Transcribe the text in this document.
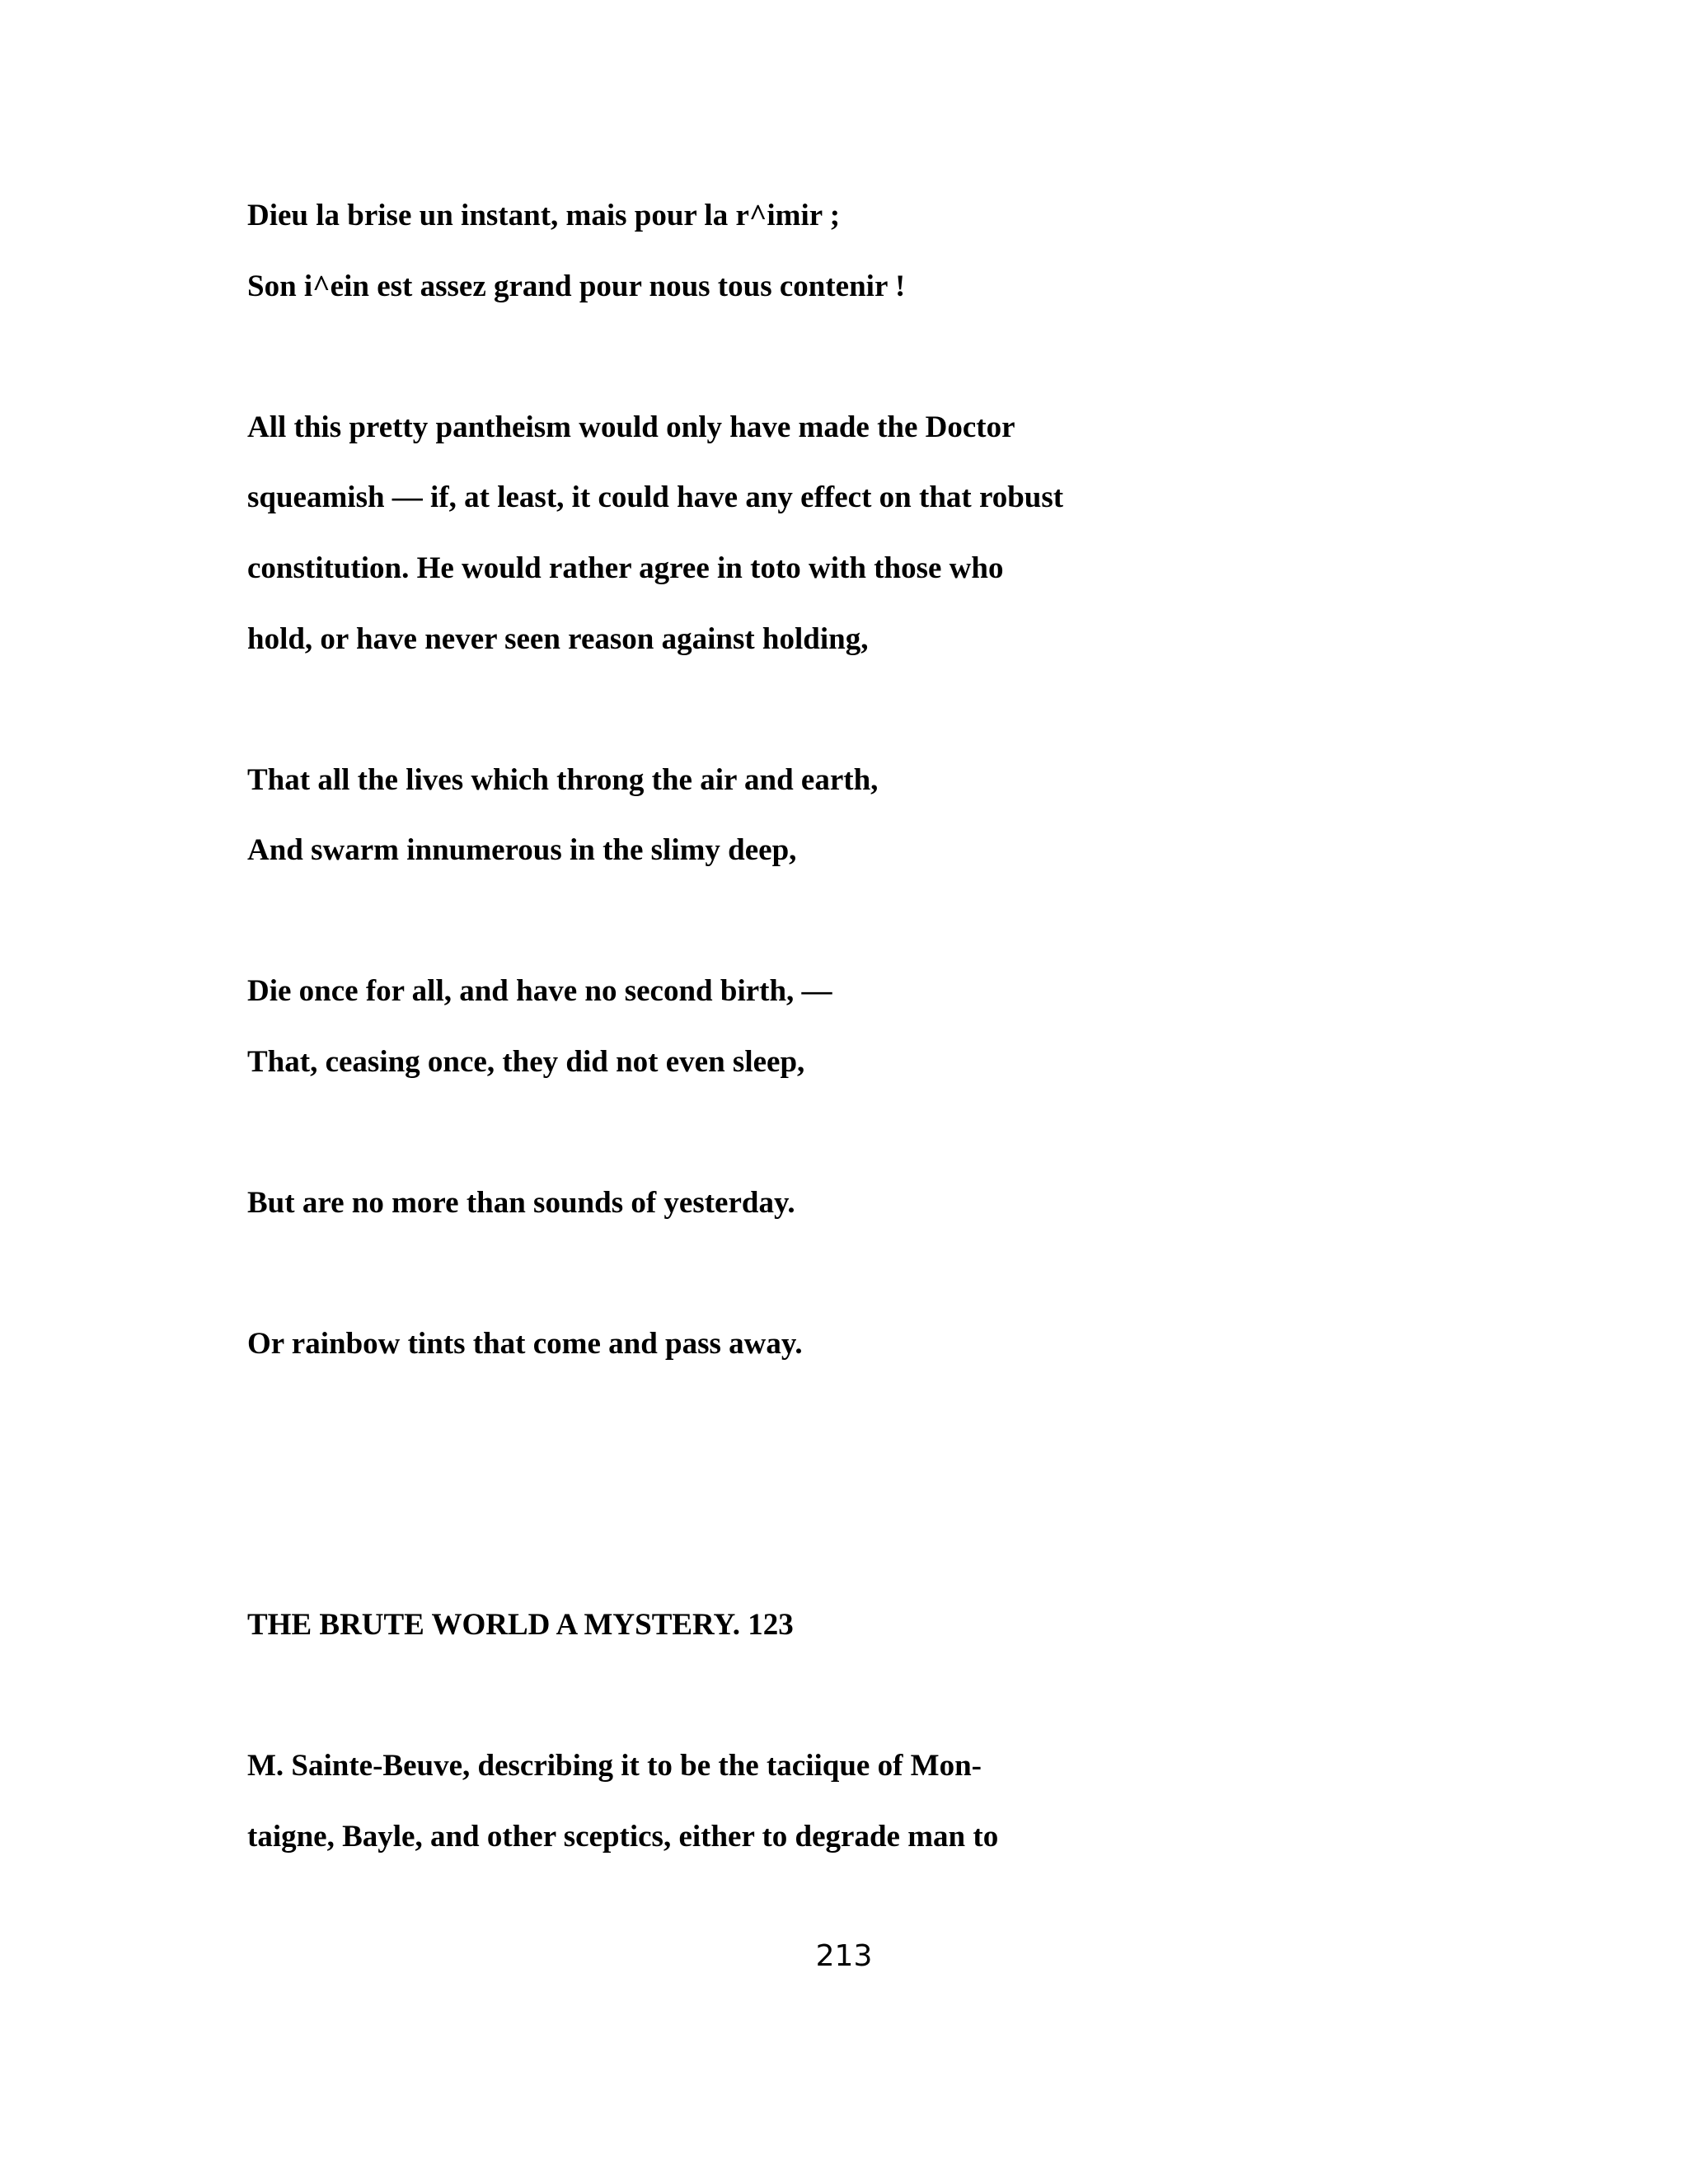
Dieu la brise un instant, mais pour la r^imir ;
Son i^ein est assez grand pour nous tous contenir !
All this pretty pantheism would only have made the Doctor
squeamish — if, at least, it could have any effect on that robust
constitution. He would rather agree in toto with those who
hold, or have never seen reason against holding,
That all the lives which throng the air and earth,
And swarm innumerous in the slimy deep,
Die once for all, and have no second birth, —
That, ceasing once, they did not even sleep,
But are no more than sounds of yesterday.
Or rainbow tints that come and pass away.
THE BRUTE WORLD A MYSTERY. 123
M. Sainte-Beuve, describing it to be the taciique of Mon-
taigne, Bayle, and other sceptics, either to degrade man to
213
